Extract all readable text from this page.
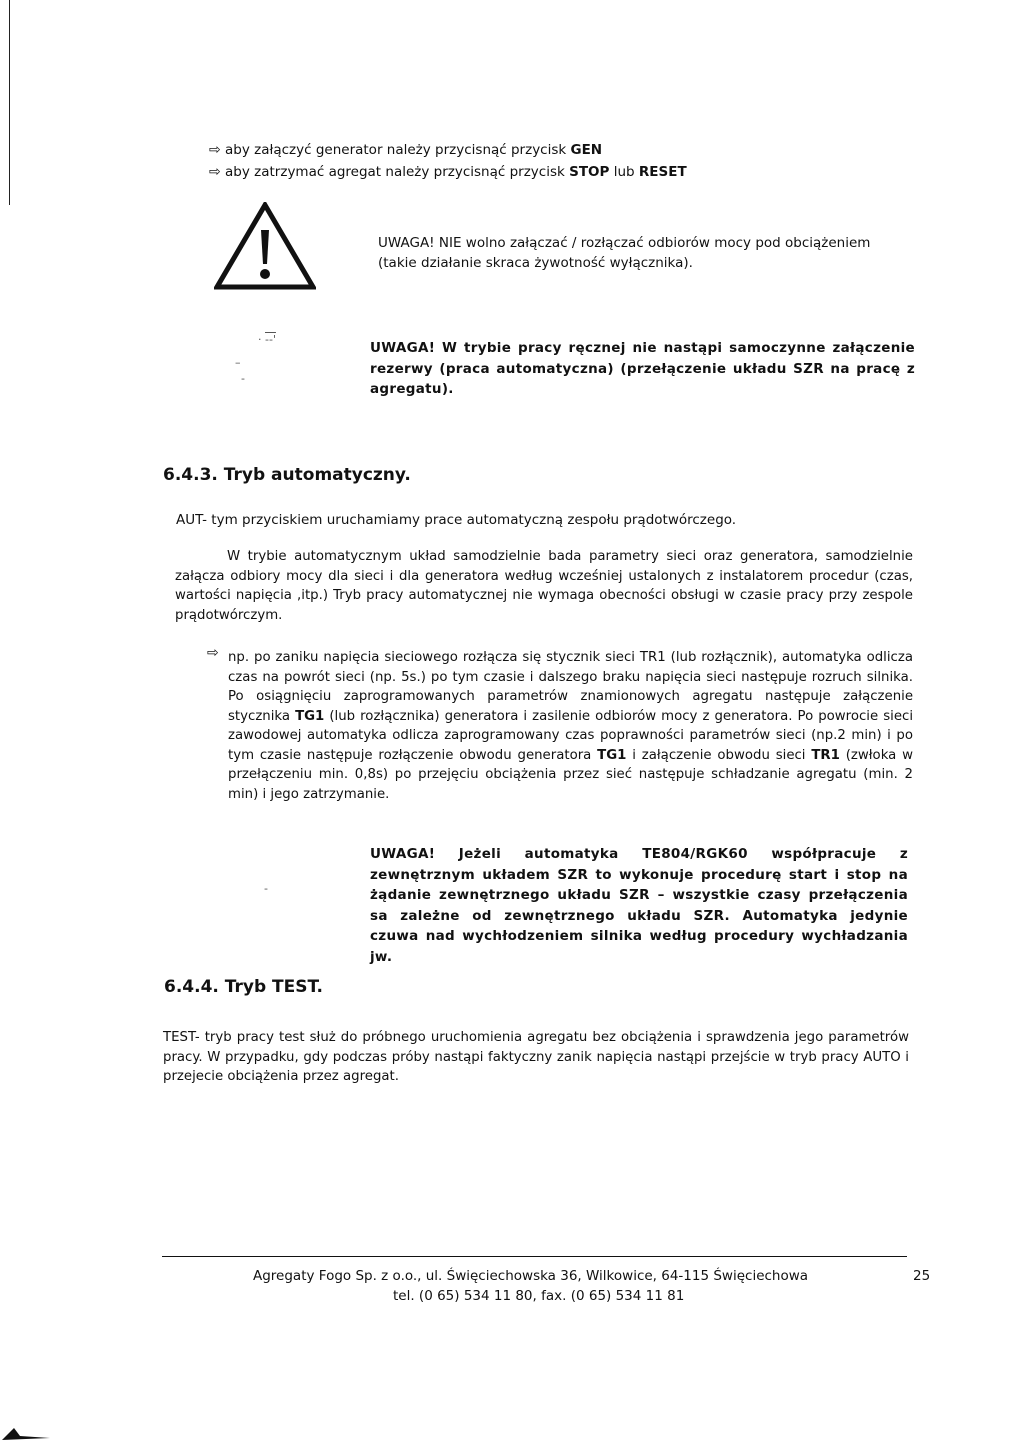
⇨ aby załączyć generator należy przycisnąć przycisk GEN
⇨ aby zatrzymać agregat należy przycisnąć przycisk STOP lub RESET
UWAGA! NIE wolno załączać / rozłączać odbiorów mocy pod obciążeniem
(takie działanie skraca żywotność wyłącznika).
· --'
–
-
UWAGA! W trybie pracy ręcznej nie nastąpi samoczynne załączenie rezerwy (praca automatyczna) (przełączenie układu SZR na pracę z agregatu).
6.4.3. Tryb automatyczny.
AUT- tym przyciskiem uruchamiamy prace automatyczną zespołu prądotwórczego.
W trybie automatycznym układ samodzielnie bada parametry sieci oraz generatora, samodzielnie załącza odbiory mocy dla sieci i dla generatora według wcześniej ustalonych z instalatorem procedur (czas, wartości napięcia ,itp.) Tryb pracy automatycznej nie wymaga obecności obsługi w czasie pracy przy zespole prądotwórczym.
⇨ np. po zaniku napięcia sieciowego rozłącza się stycznik sieci TR1 (lub rozłącznik), automatyka odlicza czas na powrót sieci (np. 5s.) po tym czasie i dalszego braku napięcia sieci następuje rozruch silnika. Po osiągnięciu zaprogramowanych parametrów znamionowych agregatu następuje załączenie stycznika TG1 (lub rozłącznika) generatora i zasilenie odbiorów mocy z generatora. Po powrocie sieci zawodowej automatyka odlicza zaprogramowany czas poprawności parametrów sieci (np.2 min) i po tym czasie następuje rozłączenie obwodu generatora TG1 i załączenie obwodu sieci TR1 (zwłoka w przełączeniu min. 0,8s) po przejęciu obciążenia przez sieć następuje schładzanie agregatu (min. 2 min) i jego zatrzymanie.
-
UWAGA! Jeżeli automatyka TE804/RGK60 współpracuje z zewnętrznym układem SZR to wykonuje procedurę start i stop na żądanie zewnętrznego układu SZR – wszystkie czasy przełączenia sa zależne od zewnętrznego układu SZR. Automatyka jedynie czuwa nad wychłodzeniem silnika według procedury wychładzania jw.
6.4.4. Tryb TEST.
TEST- tryb pracy test służ do próbnego uruchomienia agregatu bez obciążenia i sprawdzenia jego parametrów pracy. W przypadku, gdy podczas próby nastąpi faktyczny zanik napięcia nastąpi przejście w tryb pracy AUTO i przejecie obciążenia przez agregat.
Agregaty Fogo Sp. z o.o., ul. Święciechowska 36, Wilkowice, 64-115 Święciechowa
tel. (0 65) 534 11 80, fax. (0 65) 534 11 81
25
